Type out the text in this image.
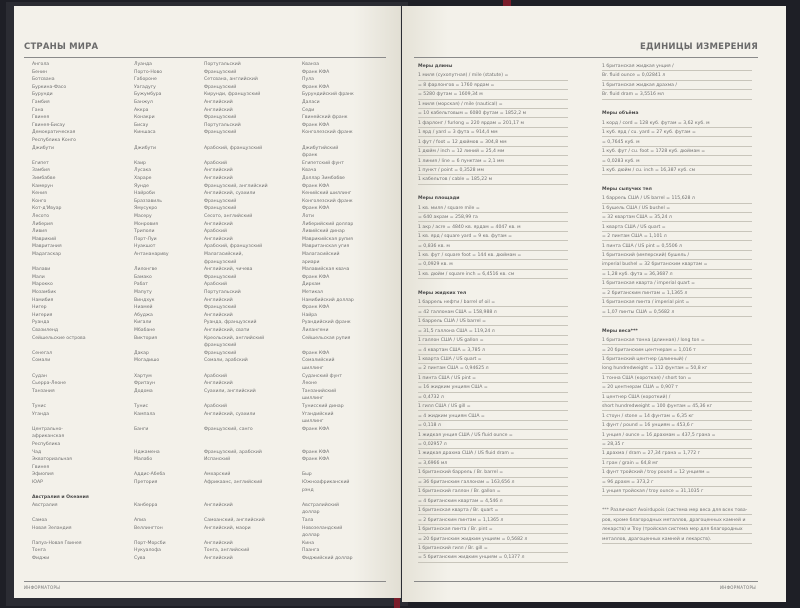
СТРАНЫ МИРА
Ангола	Луанда	Португальский	Кванза
Бенин	Порто-Ново	Французский	Франк КФА
Ботсвана	Габороне	Сетсвана, английский	Пула
Буркина-Фасо	Уагадугу	Французский	Франк КФА
Бурунди	Бужумбура	Кирунди, французский	Бурундийский франк
Гамбия	Банжул	Английский	Даласи
Гана	Аккра	Английский	Седи
Гвинея	Конакри	Французский	Гвинейский франк
Гвинея-Бисау	Бисау	Португальский	Франк КФА
Демократическая	Киншаса	Французский	Конголезский франк
Республика Конго
Джибути	Джибути	Арабский, французский	Джибутийский
франк
Египет	Каир	Арабский	Египетский фунт
Замбия	Лусака	Английский	Квача
Зимбабве	Хараре	Английский	Доллар Зимбабве
Камерун	Яунде	Французский, английский	Франк КФА
Кения	Найроби	Английский, суахили	Кенийский шиллинг
Конго	Браззавиль	Французский	Конголезский франк
Кот-д'Ивуар	Ямусукро	Французский	Франк КФА
Лесото	Масеру	Сесото, английский	Лоти
Либерия	Монровия	Английский	Либерийский доллар
Ливия	Триполи	Арабский	Ливийский динар
Маврикий	Порт-Луи	Английский	Маврикийская рупия
Мавритания	Нуакшот	Арабский, французский	Мавританская угия
Мадагаскар	Антананариву	Малагасийский,	Малагасийский
французский	ариари
Малави	Лилонгве	Английский, чичева	Малавийская квача
Мали	Бамако	Французский	Франк КФА
Марокко	Рабат	Арабский	Дирхам
Мозамбик	Мапуту	Португальский	Метикал
Намибия	Виндхук	Английский	Намибийский доллар
Нигер	Ниамей	Французский	Франк КФА
Нигерия	Абуджа	Английский	Найра
Руанда	Кигали	Руанда, французский	Руандийский франк
Свазиленд	Мбабане	Английский, свати	Лилангени
Сейшельские острова	Виктория	Креольский, английский	Сейшельская рупия
французский
Сенегал	Дакар	Французский	Франк КФА
Сомали	Могадишо	Сомали, арабский	Сомалийский
шиллинг
Судан	Хартум	Арабский	Суданский фунт
Сьерра-Леоне	Фритаун	Английский	Леоне
Танзания	Додома	Суахили, английский	Танзанийский
шиллинг
Тунис	Тунис	Арабский	Тунисский динар
Уганда	Кампала	Английский, суахили	Угандийский
шиллинг
Центрально-	Банги	Французский, санго	Франк КФА
африканская
Республика
Чад	Нджамена	Французский, арабский	Франк КФА
Экваториальная	Малабо	Испанский	Франк КФА
Гвинея
Эфиопия	Аддис-Абеба	Амхарский	Быр
ЮАР	Претория	Африкаанс, английский	Южноафриканский
рэнд
Австралия и Океания
Австралия	Канберра	Английский	Австралийский
доллар
Самоа	Апиа	Самоанский, английский	Тала
Новая Зеландия	Веллингтон	Английский, маори	Новозеландский
доллар
Папуа-Новая Гвинея	Порт-Морсби	Английский	Кина
Тонга	Нукуалофа	Тонга, английский	Паанга
Фиджи	Сува	Английский	Фиджийский доллар
ИНФОРМАТОРЫ
ЕДИНИЦЫ ИЗМЕРЕНИЯ
Меры длины
1 миля (сухопутная) / mile (statute) =
= 8 фарлонгов = 1760 ярдам =
= 5280 футам = 1609,34 м
1 миля (морская) / mile (nautical) =
= 10 кабельтовым = 6080 футам = 1852,2 м
1 фарлонг / furlong = 220 ярдам = 201,17 м
1 ярд / yard = 3 фута = 914,4 мм
1 фут / foot = 12 дюймов = 304,8 мм
1 дюйм / inch = 12 линий = 25,4 мм
1 линия / line = 6 пунктам = 2,1 мм
1 пункт / point = 0,3528 мм
1 кабельтов / cable = 185,22 м
Меры площади
1 кв. миля / square mile =
= 640 акрам = 258,99 га
1 акр / acre = 4840 кв. ярдам = 4047 кв. м
1 кв. ярд / square yard = 9 кв. футам =
= 0,836 кв. м
1 кв. фут / square foot = 144 кв. дюймам =
= 0,0929 кв. м
1 кв. дюйм / square inch = 6,4516 кв. см
Меры жидких тел
1 баррель нефти / barrel of oil =
= 42 галлонам США = 158,988 л
1 баррель США / US barrel =
= 31,5 галлона США = 119,24 л
1 галлон США / US gallon =
= 4 квартам США = 3,785 л
1 кварта США / US quart =
= 2 пинтам США = 0,94625 л
1 пинта США / US pint =
= 16 жидким унциям США =
= 0,4732 л
1 гилл США / US gill =
= 4 жидким унциям США =
= 0,118 л
1 жидкая унция США / US fluid ounce =
= 0,02957 л
1 жидкая драхма США / US fluid dram =
= 3,6966 мл
1 британский баррель / Br. barrel =
= 36 британским галлонам = 163,656 л
1 британский галлон / Br. gallon =
= 4 британским квартам = 4,546 л
1 британская кварта / Br. quart =
= 2 британским пинтам = 1,1365 л
1 британская пинта / Br. pint =
= 20 британским жидким унциям = 0,5682 л
1 британский гилл / Br. gill =
= 5 британским жидким унциям = 0,1377 л
1 британская жидкая унция /
Br. fluid ounce = 0,02841 л
1 британская жидкая драхма /
Br. fluid dram = 3,5516 мл
Меры объёма
1 корд / cord = 128 куб. футам = 3,62 куб. м
1 куб. ярд / cu. yard = 27 куб. футам =
= 0,7645 куб. м
1 куб. фут / cu. foot = 1728 куб. дюймам =
= 0,0283 куб. м
1 куб. дюйм / cu. inch = 16,387 куб. см
Меры сыпучих тел
1 баррель США / US barrel = 115,628 л
1 бушель США / US bushel =
= 32 квартам США = 35,24 л
1 кварта США / US quart =
= 2 пинтам США = 1,101 л
1 пинта США / US pint = 0,5506 л
1 британский (имперский) бушель /
imperial bushel = 32 британским квартам =
= 1,28 куб. фута = 36,3687 л
1 британская кварта / imperial quart =
= 2 британским пинтам = 1,1365 л
1 британская пинта / imperial pint =
= 1,07 пинты США = 0,5682 л
Меры веса***
1 британская тонна (длинная) / long ton =
= 20 британским центнерам = 1,016 т
1 британский центнер (длинный) /
long hundredweight = 112 фунтам = 50,8 кг
1 тонна США (короткая) / short ton =
= 20 центнерам США = 0,907 т
1 центнер США (короткий) /
short hundredweight = 100 фунтам = 45,36 кг
1 стоун / stone = 14 фунтам = 6,35 кг
1 фунт / pound = 16 унциям = 453,6 г
1 унция / ounce = 16 драхмам = 437,5 грана =
= 28,35 г
1 драхма / dram = 27,34 грана = 1,772 г
1 гран / grain = 64,8 мг
1 фунт тройский / troy pound = 12 унциям =
= 96 драхм = 373,2 г
1 унция тройская / troy ounce = 31,1035 г
*** Различают Avoirdupois (система мер веса для всех това-
ров, кроме благородных металлов, драгоценных камней и
лекарств) и Troy (тройская система мер для благородных
металлов, драгоценных камней и лекарств).
ИНФОРМАТОРЫ
